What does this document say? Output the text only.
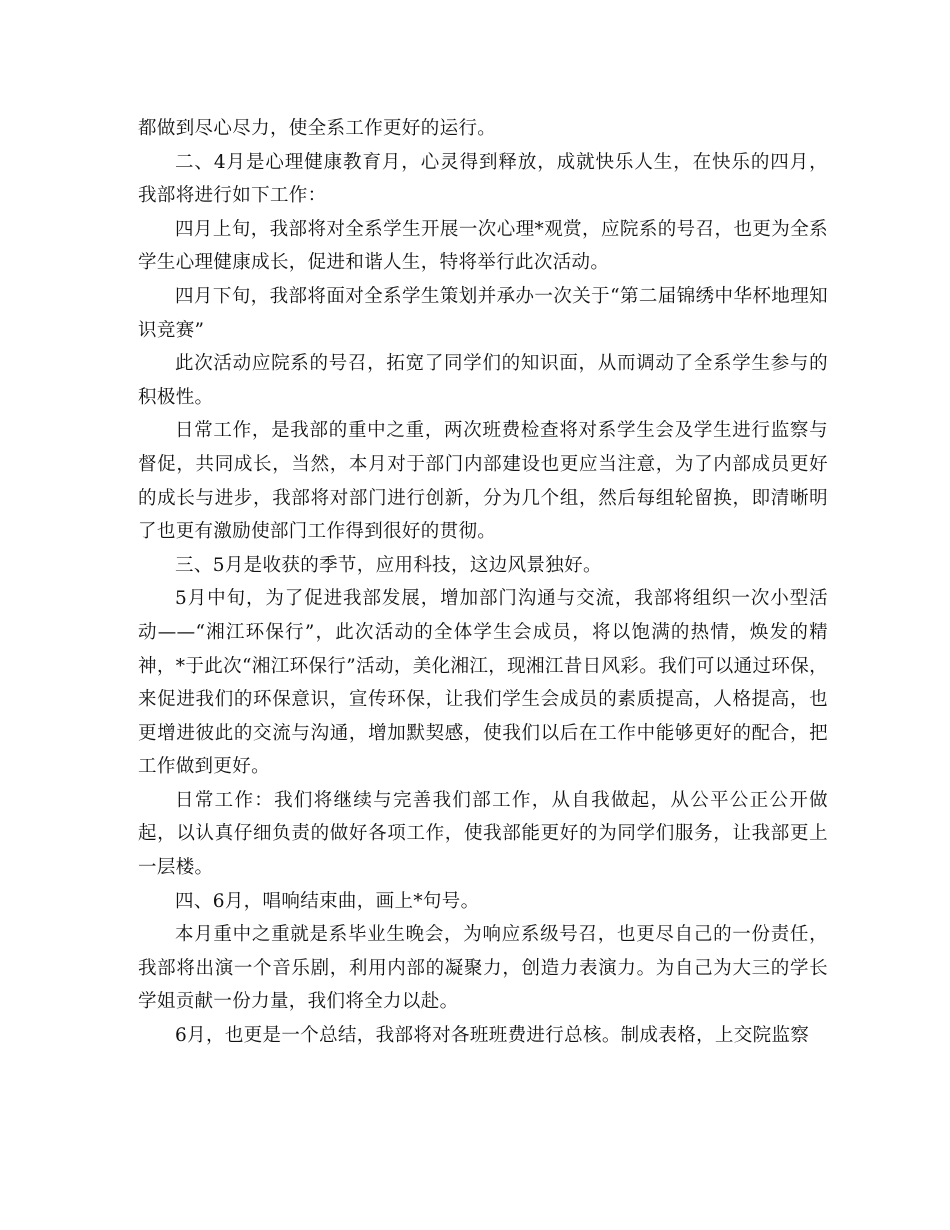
都做到尽心尽力，使全系工作更好的运行。

二、4月是心理健康教育月，心灵得到释放，成就快乐人生，在快乐的四月，我部将进行如下工作：

四月上旬，我部将对全系学生开展一次心理*观赏，应院系的号召，也更为全系学生心理健康成长，促进和谐人生，特将举行此次活动。

四月下旬，我部将面对全系学生策划并承办一次关于“第二届锦绣中华杯地理知识竞赛”

此次活动应院系的号召，拓宽了同学们的知识面，从而调动了全系学生参与的积极性。

日常工作，是我部的重中之重，两次班费检查将对系学生会及学生进行监察与督促，共同成长，当然，本月对于部门内部建设也更应当注意，为了内部成员更好的成长与进步，我部将对部门进行创新，分为几个组，然后每组轮留换，即清晰明了也更有激励使部门工作得到很好的贯彻。

三、5月是收获的季节，应用科技，这边风景独好。

5月中旬，为了促进我部发展，增加部门沟通与交流，我部将组织一次小型活动——“湘江环保行”，此次活动的全体学生会成员，将以饱满的热情，焕发的精神，*于此次“湘江环保行”活动，美化湘江，现湘江昔日风彩。我们可以通过环保，来促进我们的环保意识，宣传环保，让我们学生会成员的素质提高，人格提高，也更增进彼此的交流与沟通，增加默契感，使我们以后在工作中能够更好的配合，把工作做到更好。

日常工作：我们将继续与完善我们部工作，从自我做起，从公平公正公开做起，以认真仔细负责的做好各项工作，使我部能更好的为同学们服务，让我部更上一层楼。

四、6月，唱响结束曲，画上*句号。

本月重中之重就是系毕业生晚会，为响应系级号召，也更尽自己的一份责任，我部将出演一个音乐剧，利用内部的凝聚力，创造力表演力。为自己为大三的学长学姐贡献一份力量，我们将全力以赴。

6月，也更是一个总结，我部将对各班班费进行总核。制成表格，上交院监察
